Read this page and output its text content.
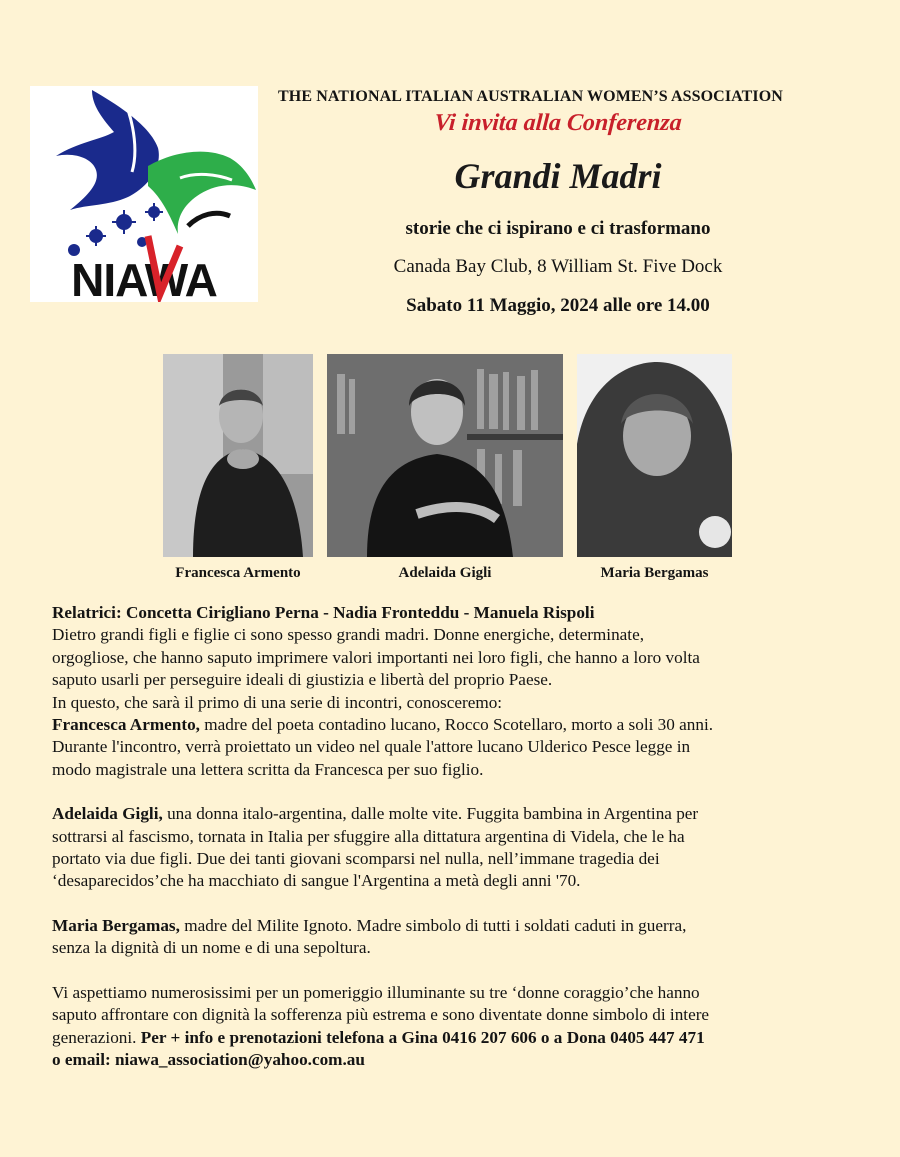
NIAWA
THE NATIONAL ITALIAN AUSTRALIAN WOMEN’S ASSOCIATION
Vi invita alla Conferenza
Grandi Madri
storie che ci ispirano e ci trasformano
Canada Bay Club, 8 William St. Five Dock
Sabato 11 Maggio, 2024 alle ore 14.00
Francesca Armento	Adelaida Gigli	Maria Bergamas
Relatrici: Concetta Cirigliano Perna - Nadia Fronteddu - Manuela Rispoli
Dietro grandi figli e figlie ci sono spesso grandi madri. Donne energiche, determinate,
orgogliose, che hanno saputo imprimere valori importanti nei loro figli, che hanno a loro volta
saputo usarli per perseguire ideali di giustizia e libertà del proprio Paese.
In questo, che sarà il primo di una serie di incontri, conosceremo:
Francesca Armento, madre del poeta contadino lucano, Rocco Scotellaro, morto a soli 30 anni.
Durante l'incontro, verrà proiettato un video nel quale l'attore lucano Ulderico Pesce legge in
modo magistrale una lettera scritta da Francesca per suo figlio.
Adelaida Gigli, una donna italo-argentina, dalle molte vite. Fuggita bambina in Argentina per
sottrarsi al fascismo, tornata in Italia per sfuggire alla dittatura argentina di Videla, che le ha
portato via due figli. Due dei tanti giovani scomparsi nel nulla, nell’immane tragedia dei
‘desaparecidos’che ha macchiato di sangue l'Argentina a metà degli anni '70.
Maria Bergamas, madre del Milite Ignoto. Madre simbolo di tutti i soldati caduti in guerra,
senza la dignità di un nome e di una sepoltura.
Vi aspettiamo numerosissimi per un pomeriggio illuminante su tre ‘donne coraggio’che hanno
saputo affrontare con dignità la sofferenza più estrema e sono diventate donne simbolo di intere
generazioni. Per + info e prenotazioni telefona a Gina 0416 207 606 o a Dona 0405 447 471
o email: niawa_association@yahoo.com.au
